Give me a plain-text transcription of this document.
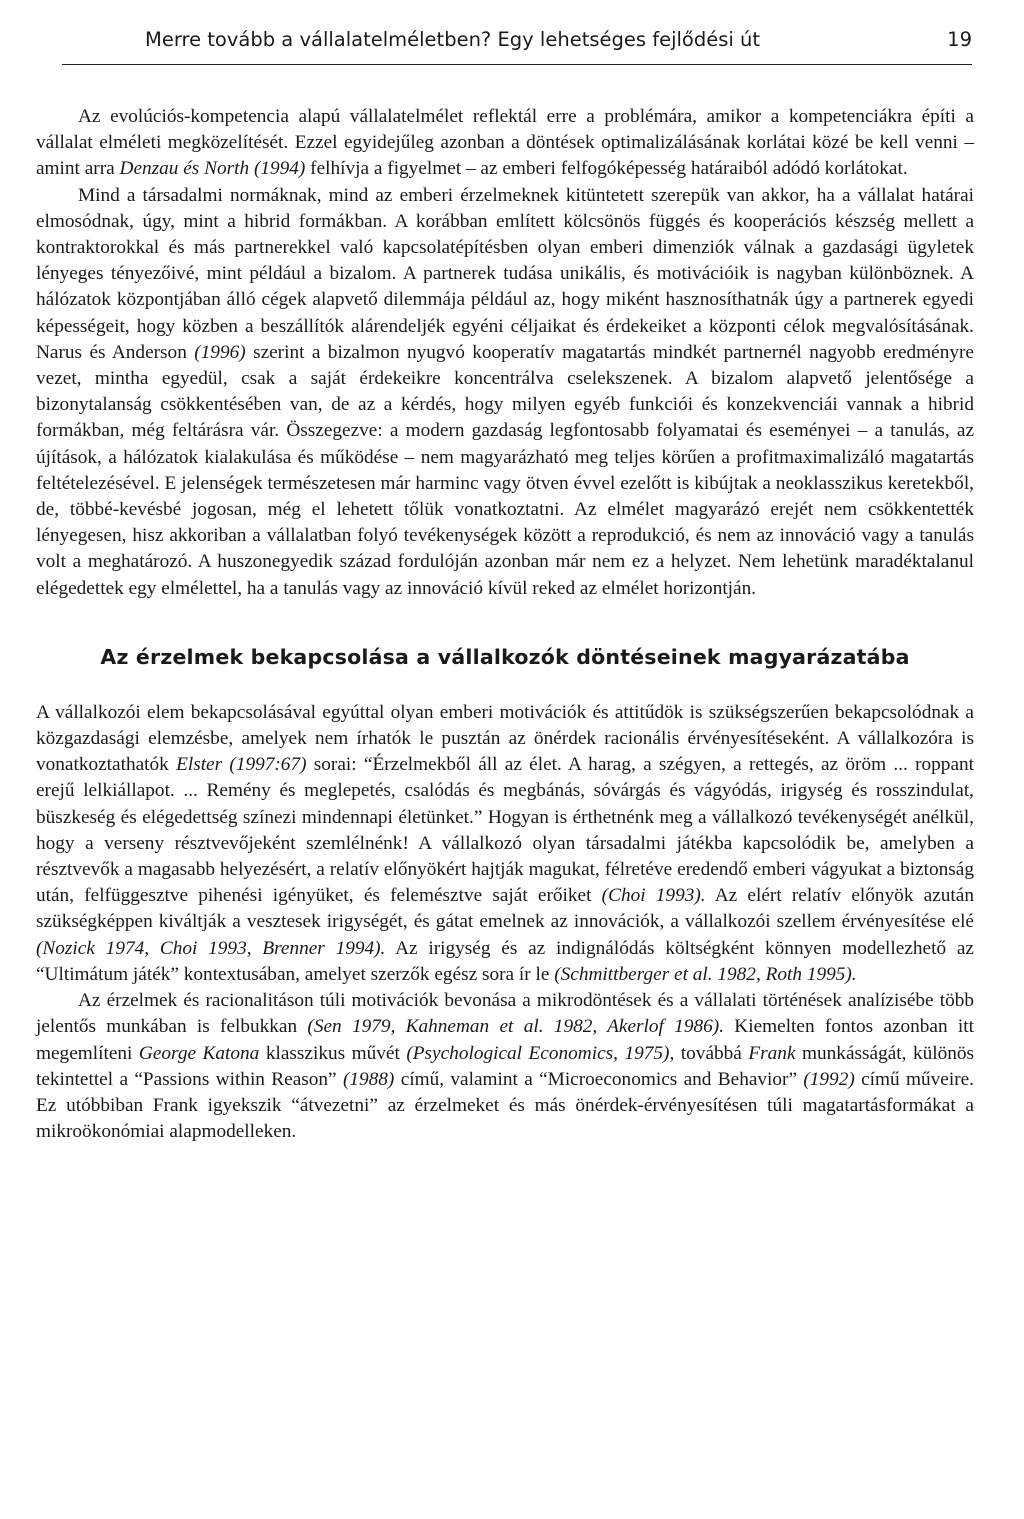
Merre tovább a vállalatelméletben? Egy lehetséges fejlődési út	19

Az evolúciós-kompetencia alapú vállalatelmélet reflektál erre a problémára, amikor a kompetenciákra építi a vállalat elméleti megközelítését. Ezzel egyidejűleg azonban a döntések optimalizálásának korlátai közé be kell venni – amint arra Denzau és North (1994) felhívja a figyelmet – az emberi felfogóképesség határaiból adódó korlátokat.

Mind a társadalmi normáknak, mind az emberi érzelmeknek kitüntetett szerepük van akkor, ha a vállalat határai elmosódnak, úgy, mint a hibrid formákban. A korábban említett kölcsönös függés és kooperációs készség mellett a kontraktorokkal és más partnerekkel való kapcsolatépítésben olyan emberi dimenziók válnak a gazdasági ügyletek lényeges tényezőivé, mint például a bizalom. A partnerek tudása unikális, és motivációik is nagyban különböznek. A hálózatok központjában álló cégek alapvető dilemmája például az, hogy miként hasznosíthatnák úgy a partnerek egyedi képességeit, hogy közben a beszállítók alárendeljék egyéni céljaikat és érdekeiket a központi célok megvalósításának. Narus és Anderson (1996) szerint a bizalmon nyugvó kooperatív magatartás mindkét partnernél nagyobb eredményre vezet, mintha egyedül, csak a saját érdekeikre koncentrálva cselekszenek. A bizalom alapvető jelentősége a bizonytalanság csökkentésében van, de az a kérdés, hogy milyen egyéb funkciói és konzekvenciái vannak a hibrid formákban, még feltárásra vár. Összegezve: a modern gazdaság legfontosabb folyamatai és eseményei – a tanulás, az újítások, a hálózatok kialakulása és működése – nem magyarázható meg teljes körűen a profitmaximalizáló magatartás feltételezésével. E jelenségek természetesen már harminc vagy ötven évvel ezelőtt is kibújtak a neoklasszikus keretekből, de, többé-kevésbé jogosan, még el lehetett tőlük vonatkoztatni. Az elmélet magyarázó erejét nem csökkentették lényegesen, hisz akkoriban a vállalatban folyó tevékenységek között a reprodukció, és nem az innováció vagy a tanulás volt a meghatározó. A huszonegyedik század fordulóján azonban már nem ez a helyzet. Nem lehetünk maradéktalanul elégedettek egy elmélettel, ha a tanulás vagy az innováció kívül reked az elmélet horizontján.

Az érzelmek bekapcsolása a vállalkozók döntéseinek magyarázatába

A vállalkozói elem bekapcsolásával egyúttal olyan emberi motivációk és attitűdök is szükségszerűen bekapcsolódnak a közgazdasági elemzésbe, amelyek nem írhatók le pusztán az önérdek racionális érvényesítéseként. A vállalkozóra is vonatkoztathatók Elster (1997:67) sorai: “Érzelmekből áll az élet. A harag, a szégyen, a rettegés, az öröm ... roppant erejű lelkiállapot. ... Remény és meglepetés, csalódás és megbánás, sóvárgás és vágyódás, irigység és rosszindulat, büszkeség és elégedettség színezi mindennapi életünket.” Hogyan is érthetnénk meg a vállalkozó tevékenységét anélkül, hogy a verseny résztvevőjeként szemlélnénk! A vállalkozó olyan társadalmi játékba kapcsolódik be, amelyben a résztvevők a magasabb helyezésért, a relatív előnyökért hajtják magukat, félretéve eredendő emberi vágyukat a biztonság után, felfüggesztve pihenési igényüket, és felemésztve saját erőiket (Choi 1993). Az elért relatív előnyök azután szükségképpen kiváltják a vesztesek irigységét, és gátat emelnek az innovációk, a vállalkozói szellem érvényesítése elé (Nozick 1974, Choi 1993, Brenner 1994). Az irigység és az indignálódás költségként könnyen modellezhető az “Ultimátum játék” kontextusában, amelyet szerzők egész sora ír le (Schmittberger et al. 1982, Roth 1995).

Az érzelmek és racionalitáson túli motivációk bevonása a mikrodöntések és a vállalati történések analízisébe több jelentős munkában is felbukkan (Sen 1979, Kahneman et al. 1982, Akerlof 1986). Kiemelten fontos azonban itt megemlíteni George Katona klasszikus művét (Psychological Economics, 1975), továbbá Frank munkásságát, különös tekintettel a “Passions within Reason” (1988) című, valamint a “Microeconomics and Behavior” (1992) című műveire. Ez utóbbiban Frank igyekszik “átvezetni” az érzelmeket és más önérdek-érvényesítésen túli magatartásformákat a mikroökonómiai alapmodelleken.
